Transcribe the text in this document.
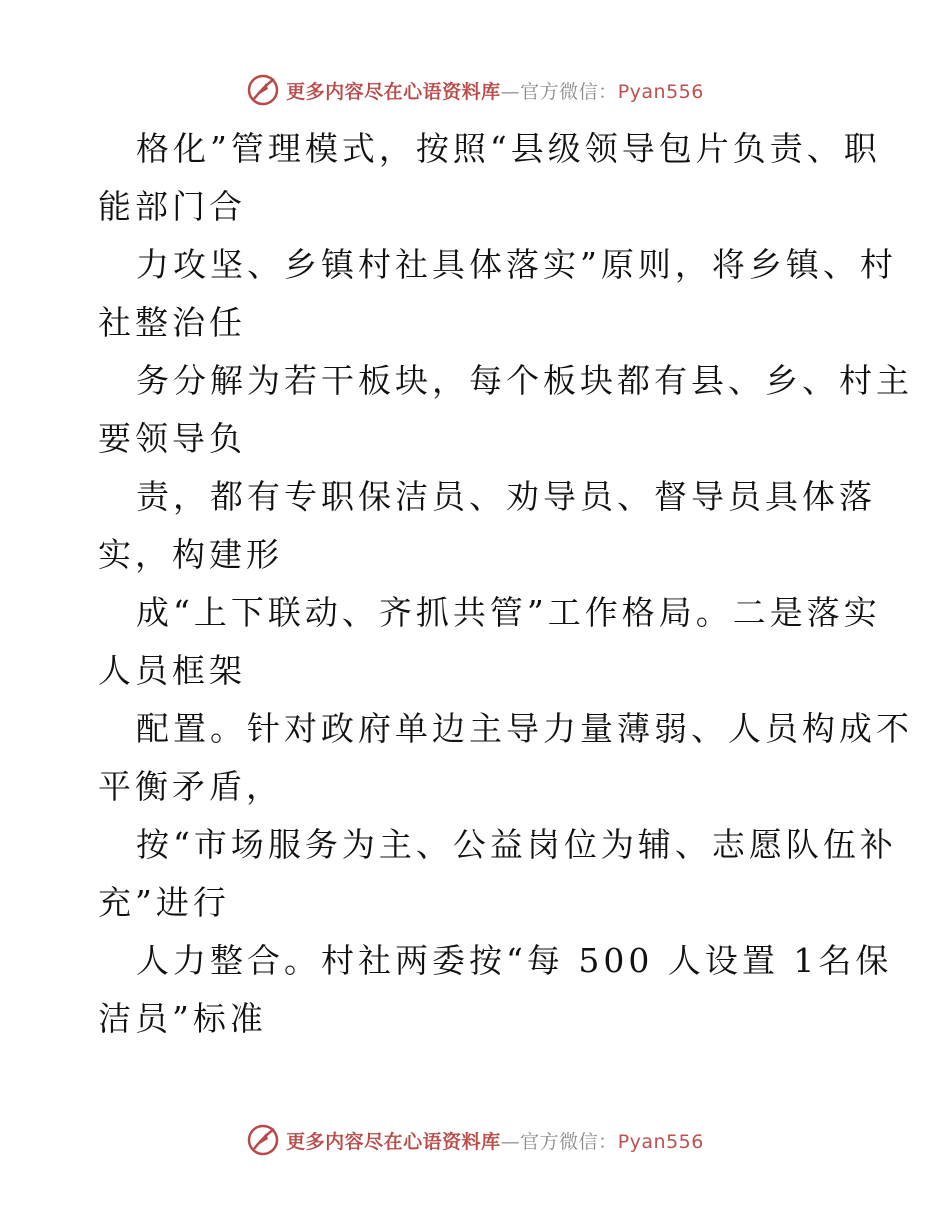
更多内容尽在心语资料库—官方微信：Pyan556
格化”管理模式，按照“县级领导包片负责、职
能部门合
力攻坚、乡镇村社具体落实”原则，将乡镇、村
社整治任
务分解为若干板块，每个板块都有县、乡、村主
要领导负
责，都有专职保洁员、劝导员、督导员具体落
实，构建形
成“上下联动、齐抓共管”工作格局。二是落实
人员框架
配置。针对政府单边主导力量薄弱、人员构成不
平衡矛盾，
按“市场服务为主、公益岗位为辅、志愿队伍补
充”进行
人力整合。村社两委按“每 500 人设置 1名保
洁员”标准
更多内容尽在心语资料库—官方微信：Pyan556
